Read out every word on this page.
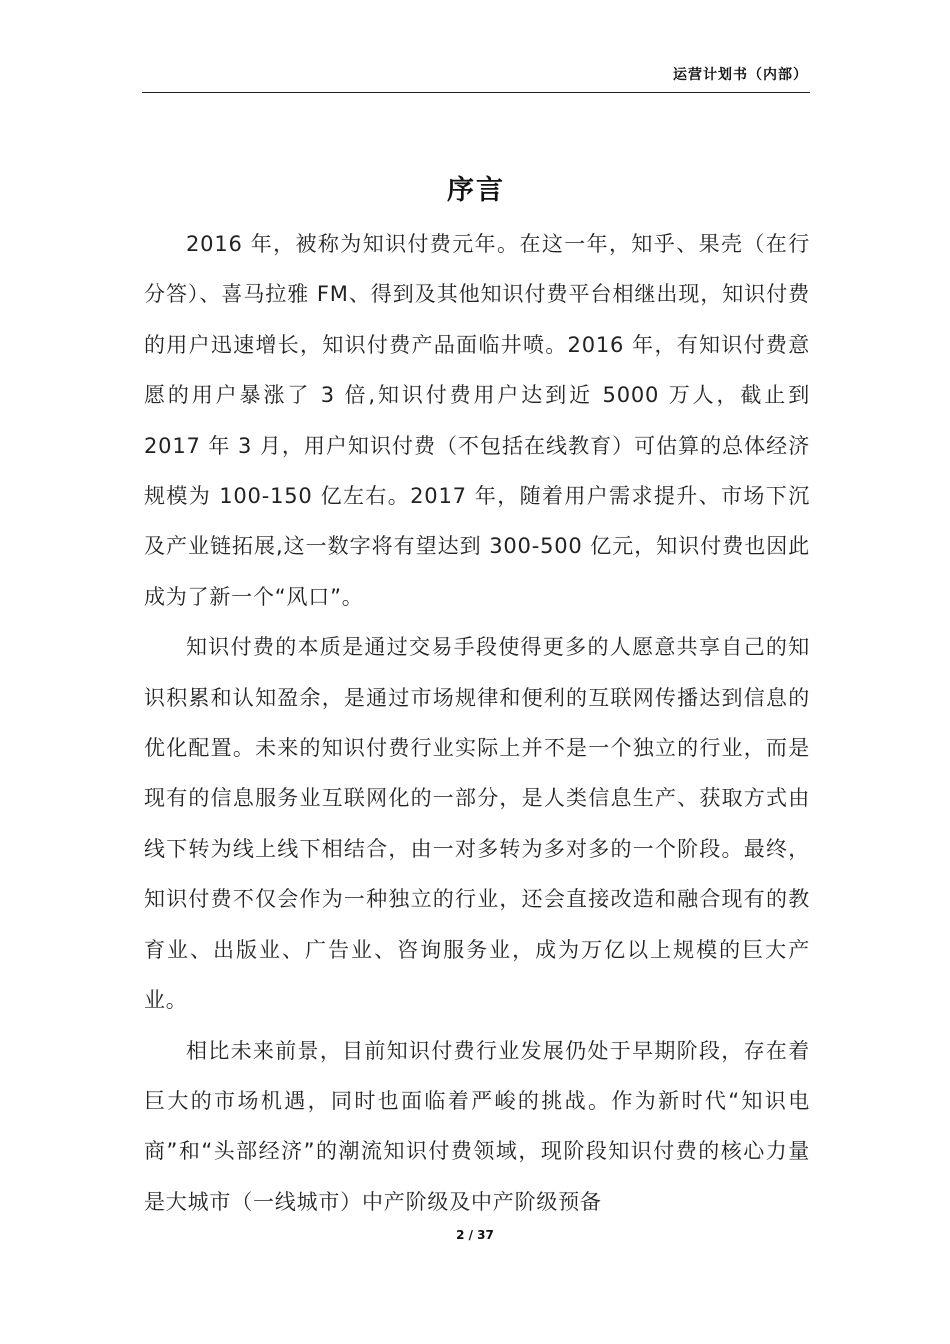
运营计划书（内部）
序言

2016 年，被称为知识付费元年。在这一年，知乎、果壳（在行分答）、喜马拉雅 FM、得到及其他知识付费平台相继出现，知识付费的用户迅速增长，知识付费产品面临井喷。2016 年，有知识付费意愿的用户暴涨了 3 倍,知识付费用户达到近 5000 万人，截止到 2017 年 3 月，用户知识付费（不包括在线教育）可估算的总体经济规模为 100-150 亿左右。2017 年，随着用户需求提升、市场下沉及产业链拓展,这一数字将有望达到 300-500 亿元，知识付费也因此成为了新一个“风口”。

知识付费的本质是通过交易手段使得更多的人愿意共享自己的知识积累和认知盈余，是通过市场规律和便利的互联网传播达到信息的优化配置。未来的知识付费行业实际上并不是一个独立的行业，而是现有的信息服务业互联网化的一部分，是人类信息生产、获取方式由线下转为线上线下相结合，由一对多转为多对多的一个阶段。最终，知识付费不仅会作为一种独立的行业，还会直接改造和融合现有的教育业、出版业、广告业、咨询服务业，成为万亿以上规模的巨大产业。

相比未来前景，目前知识付费行业发展仍处于早期阶段，存在着巨大的市场机遇，同时也面临着严峻的挑战。作为新时代“知识电商”和“头部经济”的潮流知识付费领域，现阶段知识付费的核心力量是大城市（一线城市）中产阶级及中产阶级预备

2 / 37
